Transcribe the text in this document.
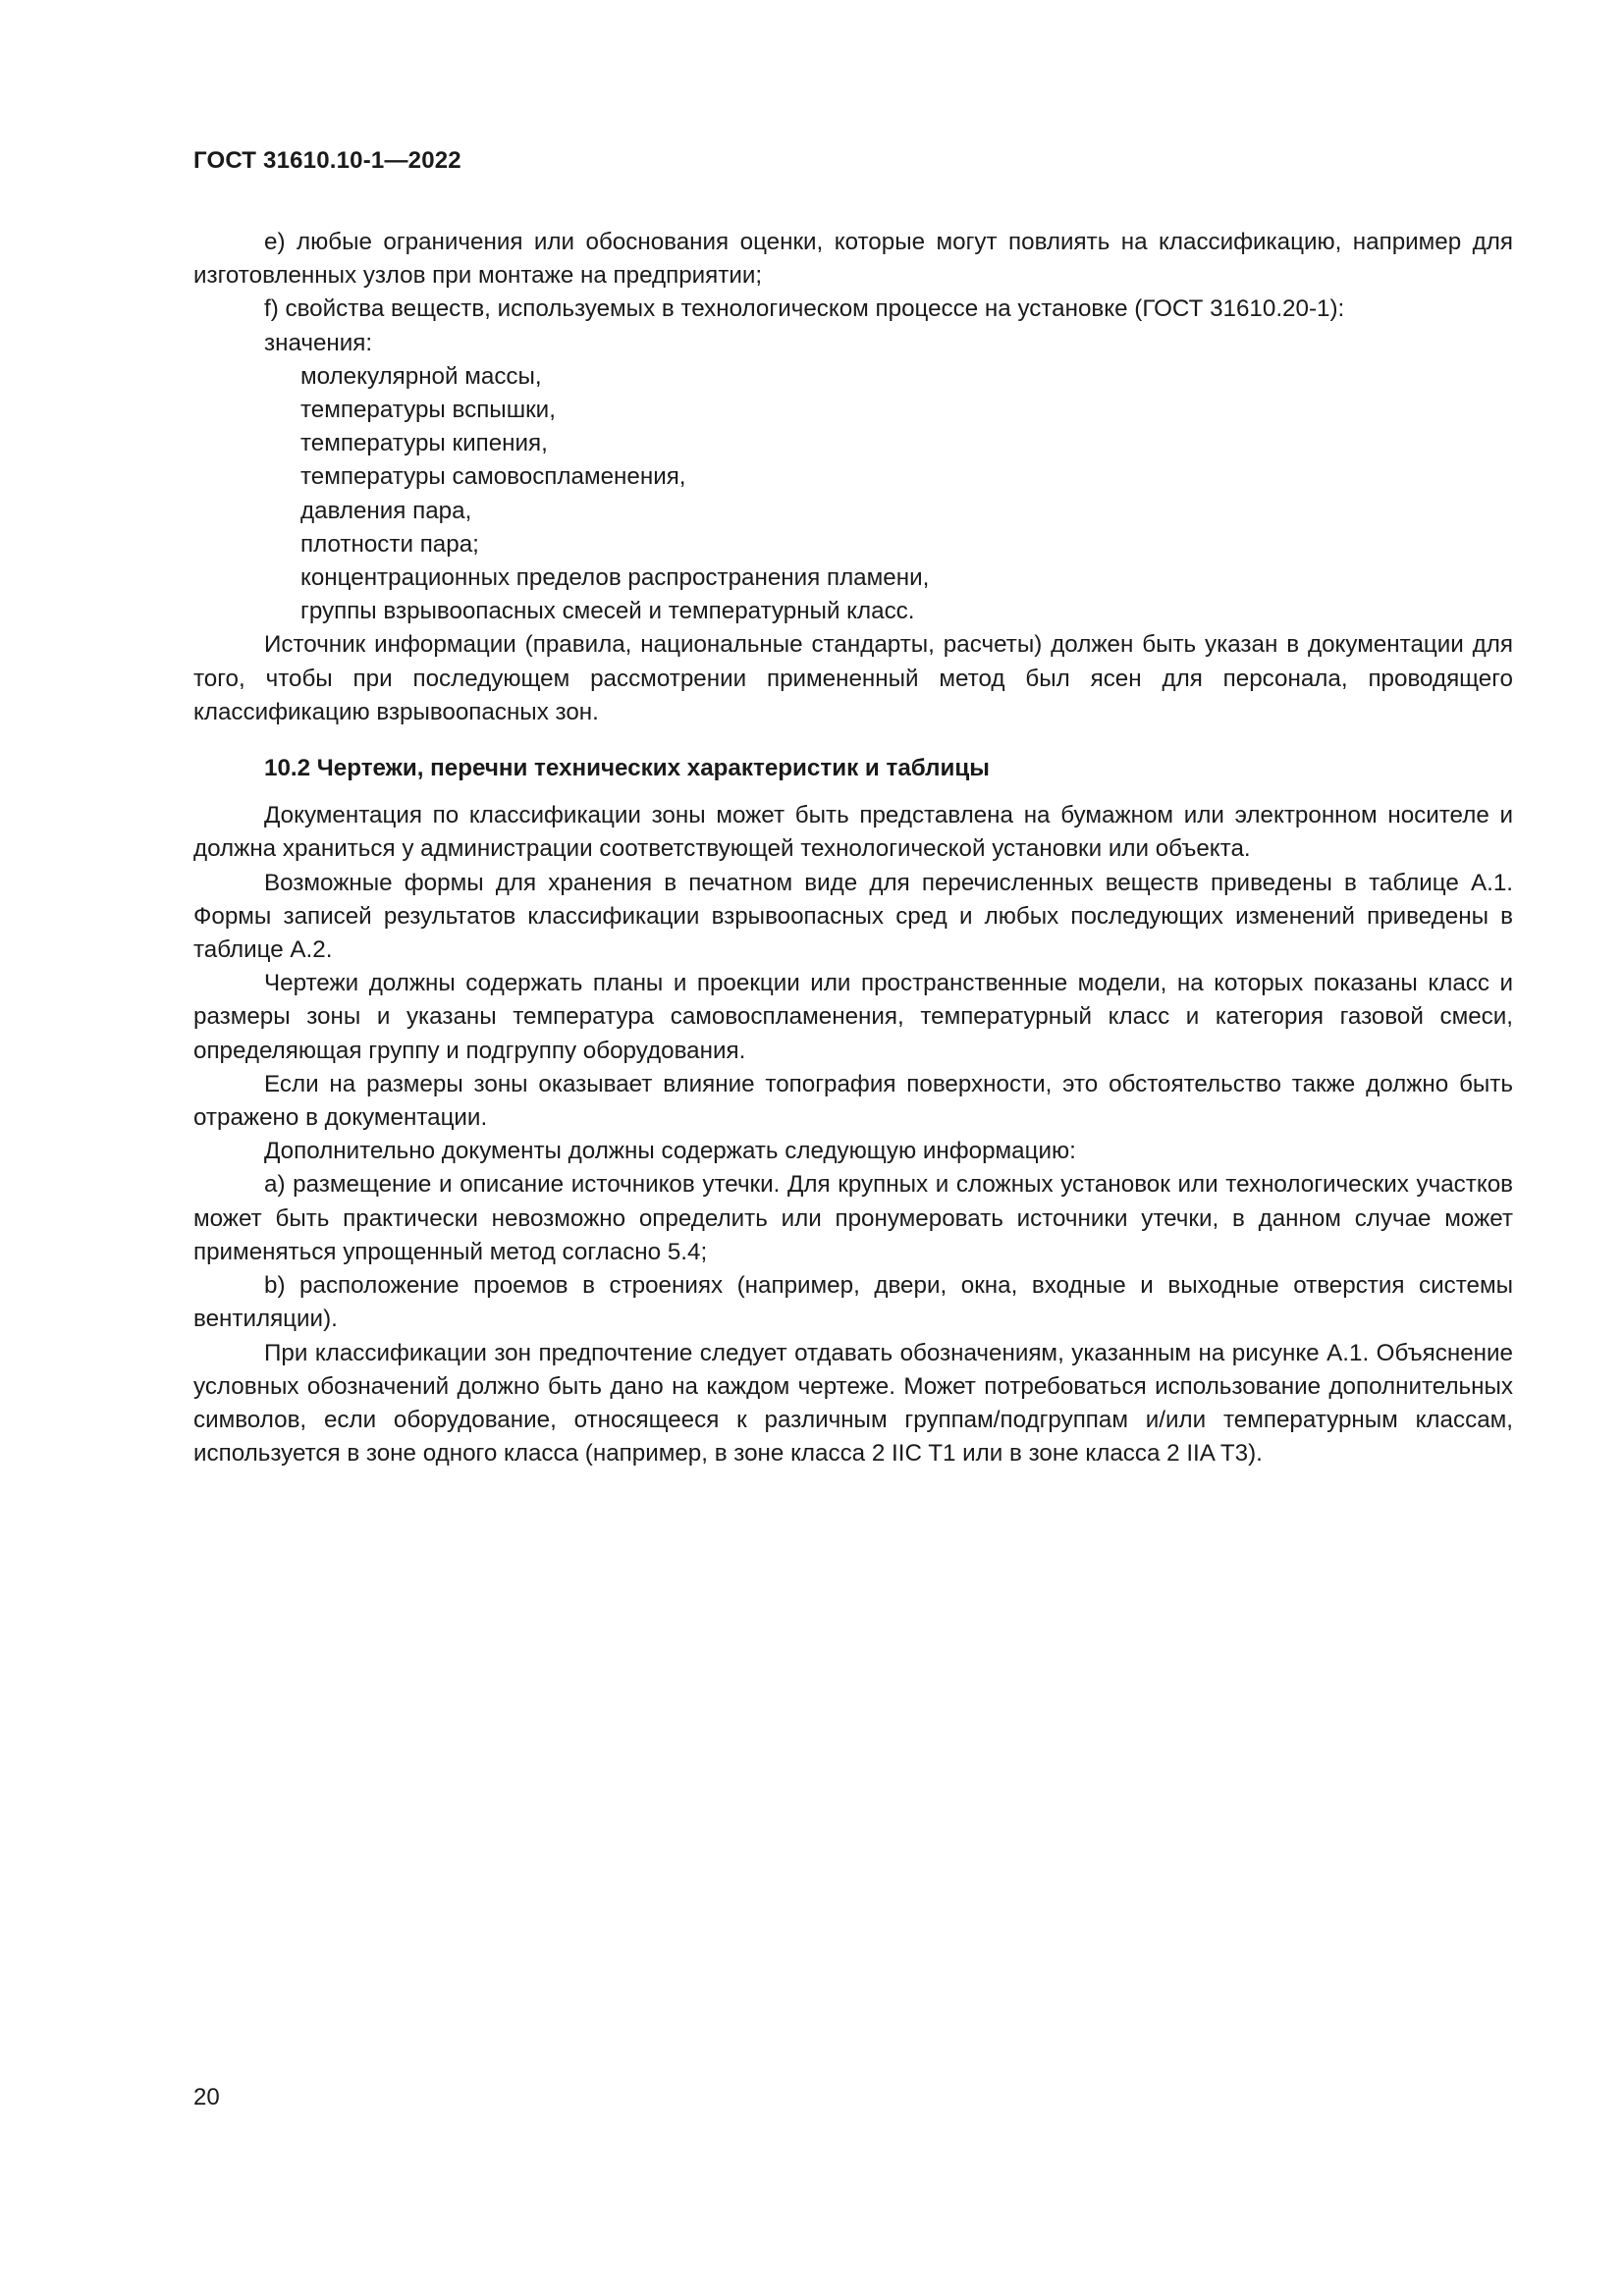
ГОСТ 31610.10-1—2022

e) любые ограничения или обоснования оценки, которые могут повлиять на классификацию, например для изготовленных узлов при монтаже на предприятии;

f) свойства веществ, используемых в технологическом процессе на установке (ГОСТ 31610.20-1):

значения:

молекулярной массы,

температуры вспышки,

температуры кипения,

температуры самовоспламенения,

давления пара,

плотности пара;

концентрационных пределов распространения пламени,

группы взрывоопасных смесей и температурный класс.

Источник информации (правила, национальные стандарты, расчеты) должен быть указан в документации для того, чтобы при последующем рассмотрении примененный метод был ясен для персонала, проводящего классификацию взрывоопасных зон.

10.2 Чертежи, перечни технических характеристик и таблицы

Документация по классификации зоны может быть представлена на бумажном или электронном носителе и должна храниться у администрации соответствующей технологической установки или объекта.

Возможные формы для хранения в печатном виде для перечисленных веществ приведены в таблице А.1. Формы записей результатов классификации взрывоопасных сред и любых последующих изменений приведены в таблице А.2.

Чертежи должны содержать планы и проекции или пространственные модели, на которых показаны класс и размеры зоны и указаны температура самовоспламенения, температурный класс и категория газовой смеси, определяющая группу и подгруппу оборудования.

Если на размеры зоны оказывает влияние топография поверхности, это обстоятельство также должно быть отражено в документации.

Дополнительно документы должны содержать следующую информацию:

a) размещение и описание источников утечки. Для крупных и сложных установок или технологических участков может быть практически невозможно определить или пронумеровать источники утечки, в данном случае может применяться упрощенный метод согласно 5.4;

b) расположение проемов в строениях (например, двери, окна, входные и выходные отверстия системы вентиляции).

При классификации зон предпочтение следует отдавать обозначениям, указанным на рисунке А.1. Объяснение условных обозначений должно быть дано на каждом чертеже. Может потребоваться использование дополнительных символов, если оборудование, относящееся к различным группам/подгруппам и/или температурным классам, используется в зоне одного класса (например, в зоне класса 2 IIC T1 или в зоне класса 2 IIA T3).

20
